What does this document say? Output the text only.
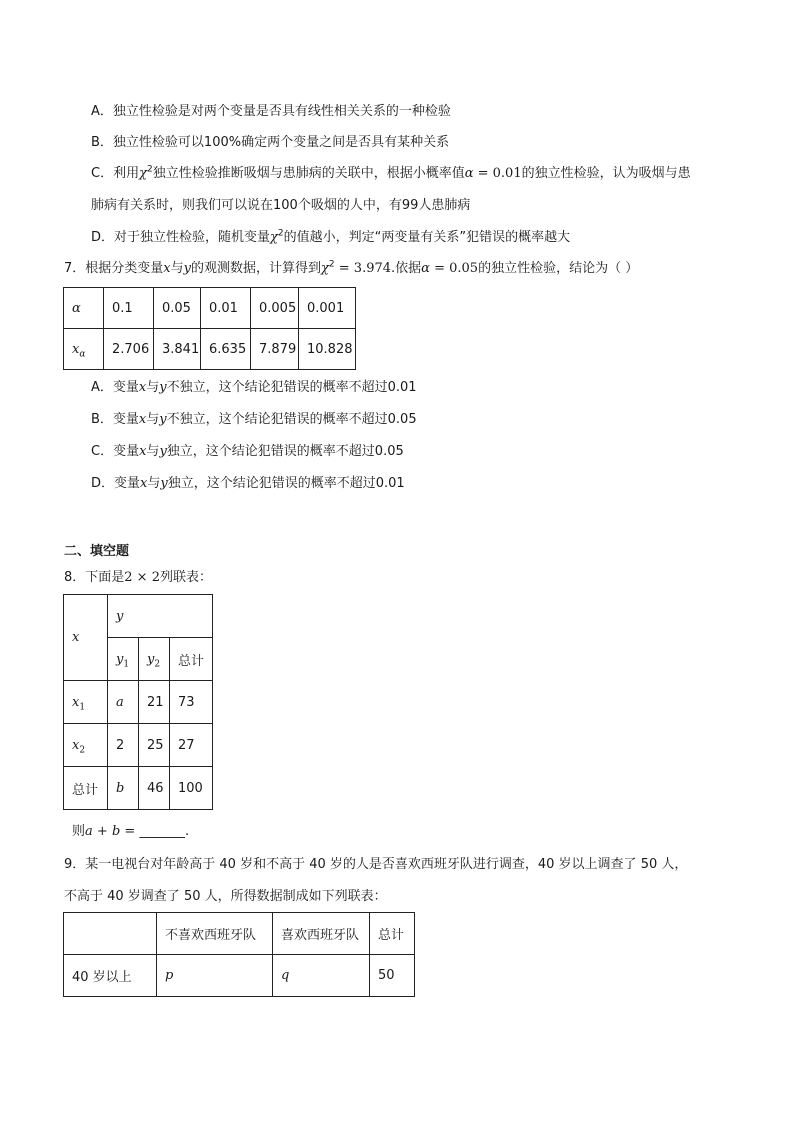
A．独立性检验是对两个变量是否具有线性相关关系的一种检验
B．独立性检验可以100%确定两个变量之间是否具有某种关系
C．利用$\chi^2$独立性检验推断吸烟与患肺病的关联中，根据小概率值α = 0.01的独立性检验，认为吸烟与患
肺病有关系时，则我们可以说在100个吸烟的人中，有99人患肺病
D．对于独立性检验，随机变量$\chi^2$的值越小，判定“两变量有关系”犯错误的概率越大
7．根据分类变量x与y的观测数据，计算得到$\chi^2 = 3.974$.依据α = 0.05的独立性检验，结论为（ ）
α	0.1	0.05	0.01	0.005	0.001
$x_\alpha$	2.706	3.841	6.635	7.879	10.828
A．变量x与y不独立，这个结论犯错误的概率不超过0.01
B．变量x与y不独立，这个结论犯错误的概率不超过0.05
C．变量x与y独立，这个结论犯错误的概率不超过0.05
D．变量x与y独立，这个结论犯错误的概率不超过0.01
二、填空题
8．下面是2 × 2列联表：
x	y		
	$y_1$	$y_2$	总计
$x_1$	a	21	73
$x_2$	2	25	27
总计	b	46	100
则a + b = _______.
9．某一电视台对年龄高于 40 岁和不高于 40 岁的人是否喜欢西班牙队进行调查，40 岁以上调查了 50 人，
不高于 40 岁调查了 50 人，所得数据制成如下列联表：
	不喜欢西班牙队	喜欢西班牙队	总计
40 岁以上	p	q	50
